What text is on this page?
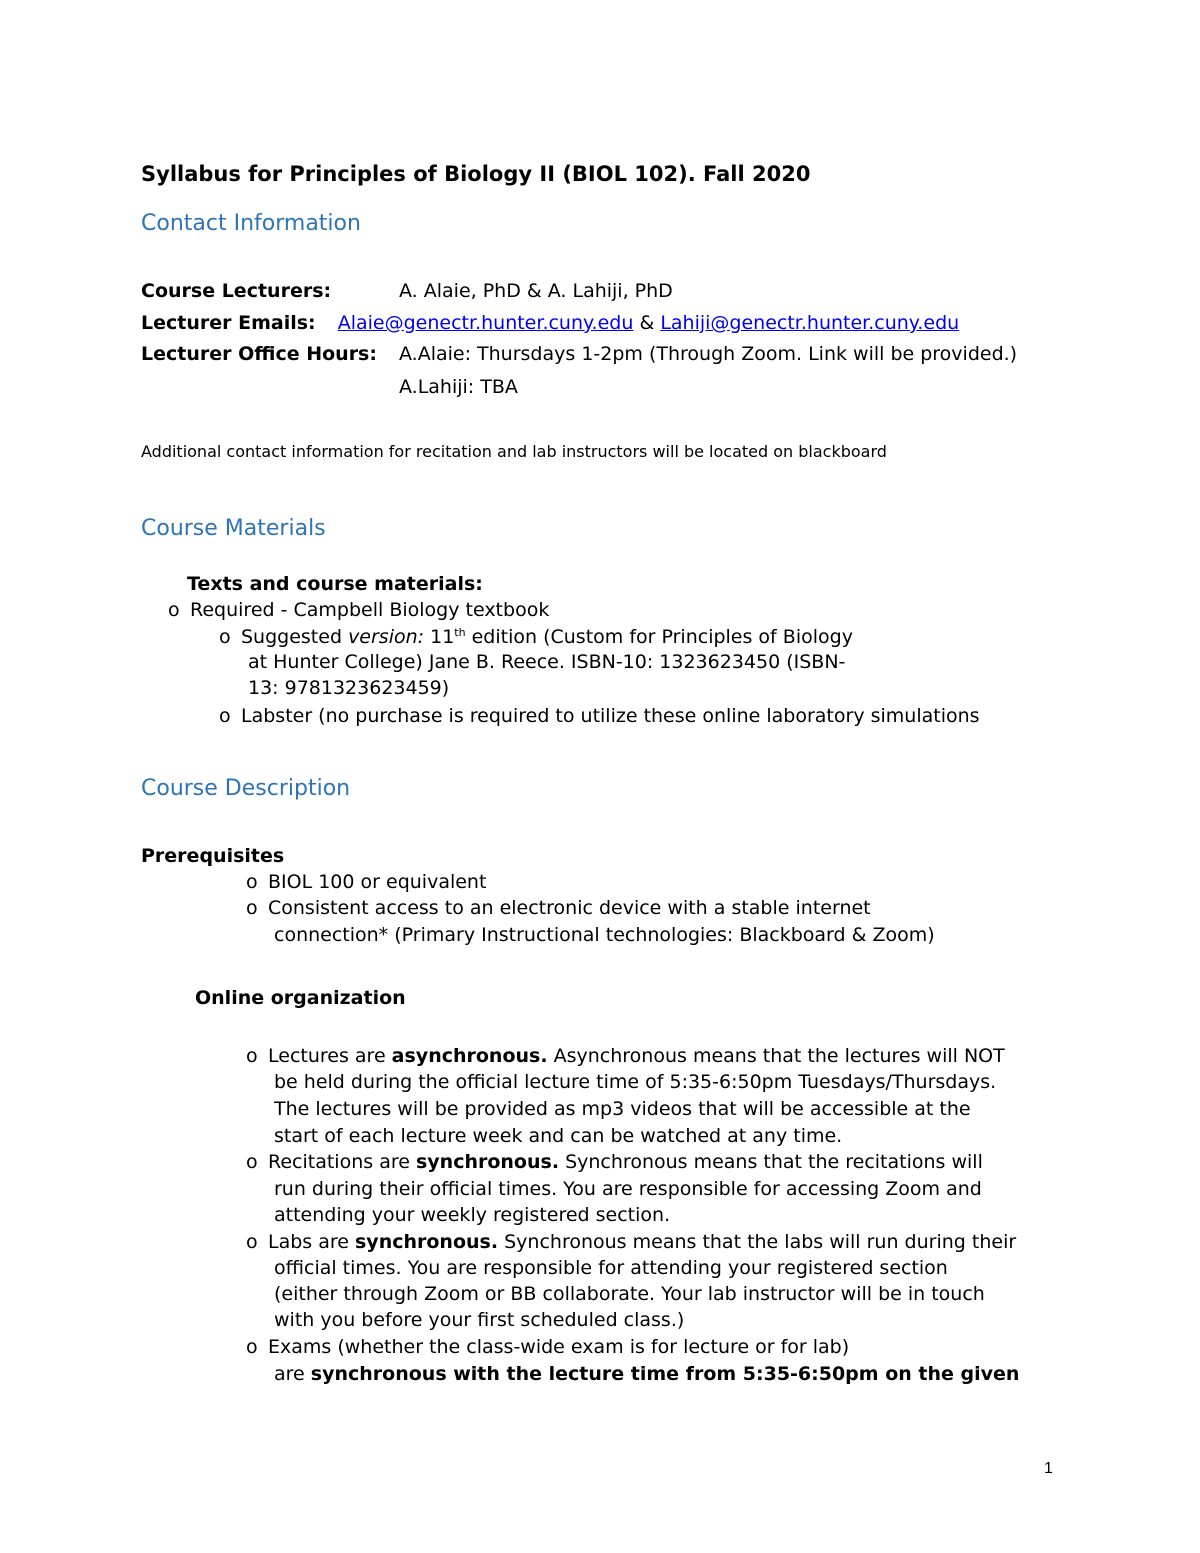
Syllabus for Principles of Biology II (BIOL 102). Fall 2020
Contact Information
Course Lecturers:	A. Alaie, PhD & A. Lahiji, PhD
Lecturer Emails: Alaie@genectr.hunter.cuny.edu & Lahiji@genectr.hunter.cuny.edu
Lecturer Office Hours: A.Alaie: Thursdays 1-2pm (Through Zoom. Link will be provided.)
A.Lahiji: TBA
Additional contact information for recitation and lab instructors will be located on blackboard
Course Materials
Texts and course materials:
o Required - Campbell Biology textbook
o Suggested version: 11th edition (Custom for Principles of Biology
at Hunter College) Jane B. Reece. ISBN-10: 1323623450 (ISBN-
13: 9781323623459)
o Labster (no purchase is required to utilize these online laboratory simulations
Course Description
Prerequisites
o BIOL 100 or equivalent
o Consistent access to an electronic device with a stable internet
connection* (Primary Instructional technologies: Blackboard & Zoom)
Online organization
o Lectures are asynchronous. Asynchronous means that the lectures will NOT
be held during the official lecture time of 5:35-6:50pm Tuesdays/Thursdays.
The lectures will be provided as mp3 videos that will be accessible at the
start of each lecture week and can be watched at any time.
o Recitations are synchronous. Synchronous means that the recitations will
run during their official times. You are responsible for accessing Zoom and
attending your weekly registered section.
o Labs are synchronous. Synchronous means that the labs will run during their
official times. You are responsible for attending your registered section
(either through Zoom or BB collaborate. Your lab instructor will be in touch
with you before your first scheduled class.)
o Exams (whether the class-wide exam is for lecture or for lab)
are synchronous with the lecture time from 5:35-6:50pm on the given
1
